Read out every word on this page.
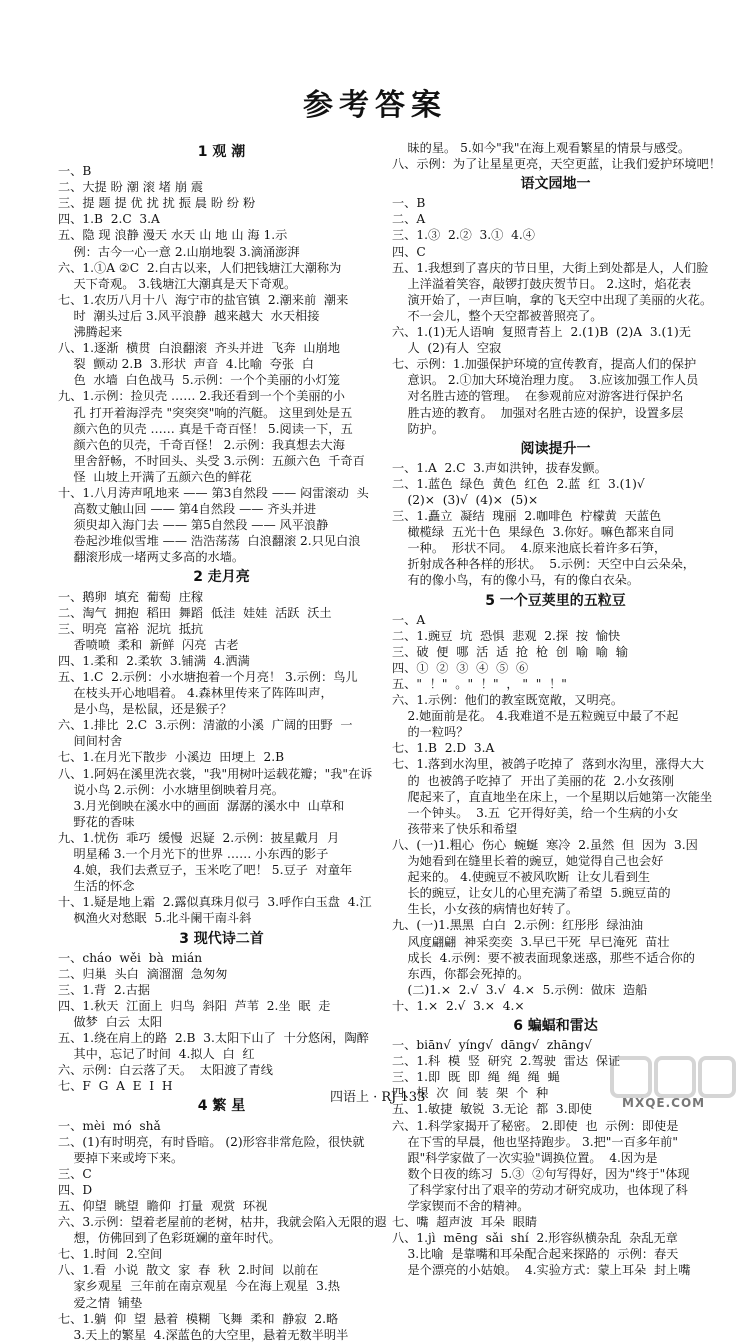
参考答案
1 观 潮
一、B
二、大提 盼 潮 滚 堵 崩 震
三、提 题 提 优 扰 扰 振 晨 盼 纷 粉
四、1.B  2.C  3.A
五、隐 现 浪静 漫天 水天 山 地 山 海 1.示
例：古今一心一意 2.山崩地裂 3.滴涌澎湃
六、1.①A ②C  2.白古以来，人们把钱塘江大潮称为
天下奇观。 3.钱塘江大潮真是天下奇观。
七、1.农历八月十八  海宁市的盐官镇  2.潮来前  潮来
时  潮头过后 3.风平浪静  越来越大  水天相接
沸腾起来
八、1.逐渐  横贯  白浪翻滚  齐头并进  飞奔  山崩地
裂  颤动 2.B  3.形状  声音  4.比喻  夸张  白
色  水墙  白色战马  5.示例：一个个美丽的小灯笼
九、1.示例：捡贝壳 …… 2.我还看到一个个美丽的小
孔 打开着海浮壳 "突突突"响的汽艇。 这里到处是五
颜六色的贝壳 …… 真是千奇百怪！ 5.阅读一下，五
颜六色的贝壳，千奇百怪！ 2.示例：我真想去大海
里舍舒畅，不时回头、头受 3.示例：五颜六色  千奇百
怪  山坡上开满了五颜六色的鲜花
十、1.八月涛声吼地来 —— 第3自然段 —— 闷雷滚动  头
高数丈触山回 —— 第4自然段 —— 齐头并进
须臾却入海门去 —— 第5自然段 —— 风平浪静
卷起沙堆似雪堆 —— 浩浩荡荡  白浪翻滚 2.只见白浪
翻滚形成一堵两丈多高的水墙。
2 走月亮
一、鹅卵  填充  葡萄  庄稼
二、淘气  拥抱  稻田  舞蹈  低洼  娃娃  活跃  沃土
三、明亮  富裕  泥坑  抵抗
香喷喷  柔和  新鲜  闪亮  古老
四、1.柔和  2.柔软  3.铺满  4.洒满
五、1.C  2.示例：小水塘抱着一个月亮！ 3.示例：鸟儿
在枝头开心地唱着。 4.森林里传来了阵阵叫声，
是小鸟，是松鼠，还是猴子？
六、1.排比  2.C  3.示例：清澈的小溪  广阔的田野  一
间间村舍
七、1.在月光下散步  小溪边  田埂上  2.B
八、1.阿妈在溪里洗衣裳，"我"用树叶运载花瓣；"我"在诉
说小鸟 2.示例：小水塘里倒映着月亮。
3.月光倒映在溪水中的画面  潺潺的溪水中  山草和
野花的香味
九、1.忧伤  乖巧  缓慢  迟疑  2.示例：披星戴月  月
明星稀 3.一个月光下的世界 …… 小东西的影子
4.娘，我们去煮豆子，玉米吃了吧！ 5.豆子  对童年
生活的怀念
十、1.疑是地上霜  2.露似真珠月似弓  3.呼作白玉盘  4.江
枫渔火对愁眠  5.北斗阑干南斗斜
3 现代诗二首
一、cháo  wěi  bà  mián
二、归巢  头白  滴溜溜  急匆匆
三、1.背  2.古据
四、1.秋天  江面上  归鸟  斜阳  芦苇  2.坐  眠  走
做梦  白云  太阳
五、1.绕在肩上的路  2.B  3.太阳下山了  十分悠闲，陶醉
其中，忘记了时间  4.拟人  白  红
六、示例：白云落了天。  太阳渡了青线
七、F  G  A  E  I  H
4 繁 星
一、mèi  mó  shǎ
二、(1)有时明亮，有时昏暗。 (2)形容非常危险，很快就
要掉下来或垮下来。
三、C
四、D
五、仰望  眺望  瞻仰  打量  观赏  环视
六、3.示例：望着老屋前的老树，枯井，我就会陷入无限的遐
想，仿佛回到了色彩斑斓的童年时代。
七、1.时间  2.空间
八、1.看  小说  散文  家  春  秋  2.时间  以前在
家乡观星  三年前在南京观星  今在海上观星  3.热
爱之情  铺垫
七、1.躺  仰  望  悬着  模糊  飞舞  柔和  静寂  2.略
3.天上的繁星  4.深蓝色的大空里，悬着无数半明半
昧的星。 5.如今"我"在海上观看繁星的情景与感受。
八、示例：为了让星星更亮，天空更蓝，让我们爱护环境吧！
语文园地一
一、B
二、A
三、1.③  2.②  3.①  4.④
四、C
五、1.我想到了喜庆的节日里，大街上到处都是人，人们脸
上洋溢着笑容，敲锣打鼓庆贺节日。 2.这时，焰花表
演开始了，一声巨响，拿的飞天空中出现了美丽的火花。
不一会儿，整个天空都被普照亮了。
六、1.(1)无人语响  复照青苔上  2.(1)B  (2)A  3.(1)无
人  (2)有人  空寂
七、示例：1.加强保护环境的宣传教育，提高人们的保护
意识。 2.①加大环境治理力度。  3.应该加强工作人员
对名胜古迹的管理。  在参观前应对游客进行保护名
胜古迹的教育。  加强对名胜古迹的保护，设置多层
防护。
阅读提升一
一、1.A  2.C  3.声如洪钟，拔春发颤。
二、1.蓝色  绿色  黄色  红色  2.蓝  红  3.(1)√
(2)×  (3)√  (4)×  (5)×
三、1.矗立  凝结  瑰丽  2.咖啡色  柠檬黄  天蓝色
橄榄绿  五光十色  果绿色  3.你好。嘛色都来自同
一种。  形状不同。  4.原来池底长着许多石笋，
折射成各种各样的形状。  5.示例：天空中白云朵朵，
有的像小鸟，有的像小马，有的像白衣朵。
5 一个豆荚里的五粒豆
一、A
二、1.豌豆  坑  恐惧  悲观  2.探  按  愉快
三、破  便  哪  活  适  抢  枪  创  喻  喻  输
四、①  ②  ③  ④  ⑤  ⑥
五、"  ！"  。"  ！"  ， "  "  ！"
六、1.示例：他们的教室既宽敞，又明亮。
2.她面前是花。 4.我难道不是五粒豌豆中最了不起
的一粒吗？
七、1.B  2.D  3.A
七、1.落到水沟里，被鸽子吃掉了  落到水沟里，涨得大大
的  也被鸽子吃掉了  开出了美丽的花  2.小女孩刚
爬起来了，直直地坐在床上，一个星期以后她第一次能坐
一个钟头。  3.五  它开得好美，给一个生病的小女
孩带来了快乐和希望
八、(一)1.粗心  伤心  蜿蜒  寒冷  2.虽然  但  因为  3.因
为她看到在缝里长着的豌豆，她觉得自己也会好
起来的。 4.使豌豆不被风吹断  让女儿看到生
长的豌豆，让女儿的心里充满了希望  5.豌豆苗的
生长，小女孩的病情也好转了。
九、(一)1.黑黑  白白  2.示例：红彤彤  绿油油
风度翩翩  神采奕奕  3.早已干死  早已淹死  苗壮
成长  4.示例：要不被表面现象迷惑，那些不适合你的
东西，你都会死掉的。
(二)1.×  2.√  3.√  4.×  5.示例：做床  造船
十、1.×  2.√  3.×  4.×
6 蝙蝠和雷达
一、biān√  yíng√  dāng√  zhāng√
二、1.科  模  竖  研究  2.驾驶  雷达  保证
三、1.即  既  即  绳  绳  绳  蝇
四、根  次  间  装  架  个  种
五、1.敏捷  敏锐  3.无论  都  3.即使
六、1.科学家揭开了秘密。 2.即使  也  示例：即使是
在下雪的早晨，他也坚持跑步。 3.把"一百多年前"
跟"科学家做了一次实验"调换位置。  4.因为是
数个日夜的练习  5.③  ②句写得好，因为"终于"体现
了科学家付出了艰辛的劳动才研究成功，也体现了科
学家锲而不舍的精神。
七、嘴  超声波  耳朵  眼睛
八、1.jì  mēng  sǎi  shí  2.形容纵横杂乱  杂乱无章
3.比喻  是靠嘴和耳朵配合起来探路的  示例：春天
是个漂亮的小姑娘。  4.实验方式：蒙上耳朵  封上嘴
四语上 · RJ 133	MXQE.COM
